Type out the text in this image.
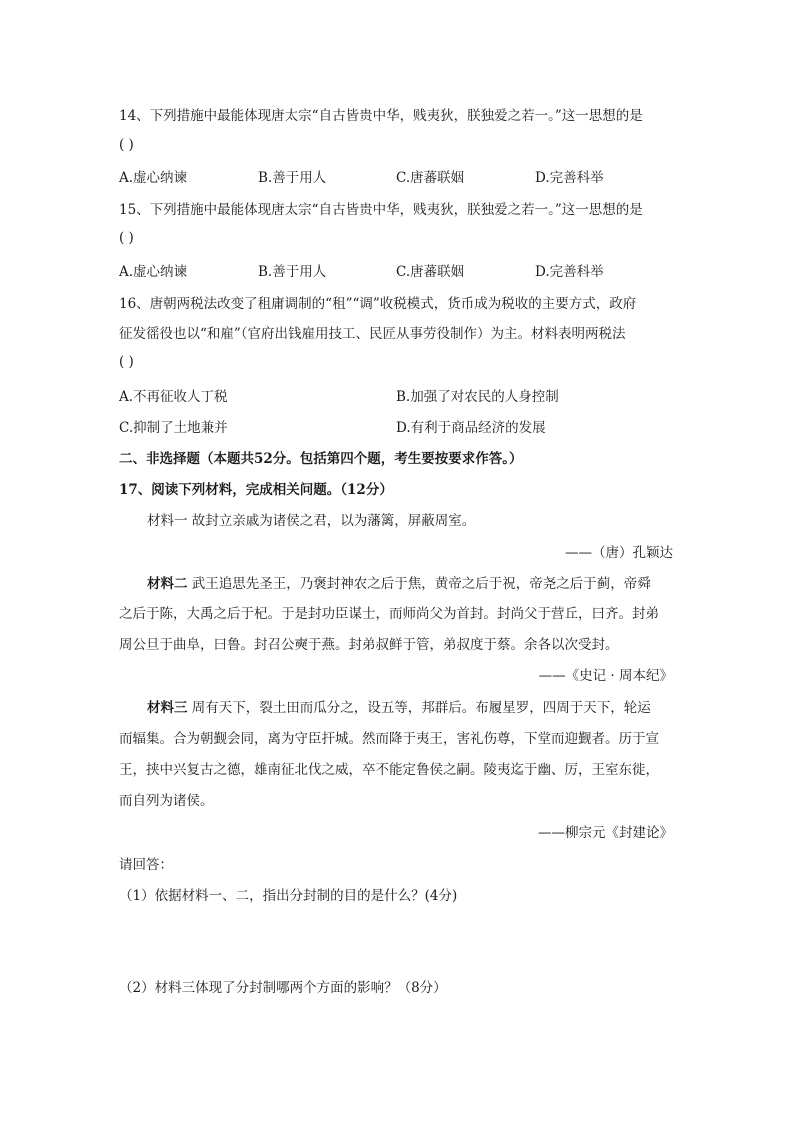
14、下列措施中最能体现唐太宗“自古皆贵中华，贱夷狄，朕独爱之若一。”这一思想的是
( )
A.虚心纳谏	B.善于用人	C.唐蕃联姻	D.完善科举
15、下列措施中最能体现唐太宗“自古皆贵中华，贱夷狄，朕独爱之若一。”这一思想的是
( )
A.虚心纳谏	B.善于用人	C.唐蕃联姻	D.完善科举
16、唐朝两税法改变了租庸调制的“租”“调”收税模式，货币成为税收的主要方式，政府
征发徭役也以“和雇”（官府出钱雇用技工、民匠从事劳役制作）为主。材料表明两税法
( )
A.不再征收人丁税	B.加强了对农民的人身控制
C.抑制了土地兼并	D.有利于商品经济的发展
二、非选择题（本题共52分。包括第四个题，考生要按要求作答。）
17、阅读下列材料，完成相关问题。（12分）
材料一 故封立亲戚为诸侯之君，以为藩篱，屏蔽周室。
——（唐）孔颖达
材料二 武王追思先圣王，乃褒封神农之后于焦，黄帝之后于祝，帝尧之后于蓟，帝舜
之后于陈，大禹之后于杞。于是封功臣谋士，而师尚父为首封。封尚父于营丘，曰齐。封弟
周公旦于曲阜，曰鲁。封召公奭于燕。封弟叔鲜于管，弟叔度于蔡。余各以次受封。
——《史记 · 周本纪》
材料三 周有天下，裂土田而瓜分之，设五等，邦群后。布履星罗，四周于天下，轮运
而辐集。合为朝觐会同，离为守臣扞城。然而降于夷王，害礼伤尊，下堂而迎觐者。历于宣
王，挟中兴复古之德，雄南征北伐之威，卒不能定鲁侯之嗣。陵夷迄于幽、厉，王室东徙，
而自列为诸侯。
——柳宗元《封建论》
请回答：
（1）依据材料一、二，指出分封制的目的是什么？(4分)
（2）材料三体现了分封制哪两个方面的影响？（8分）
